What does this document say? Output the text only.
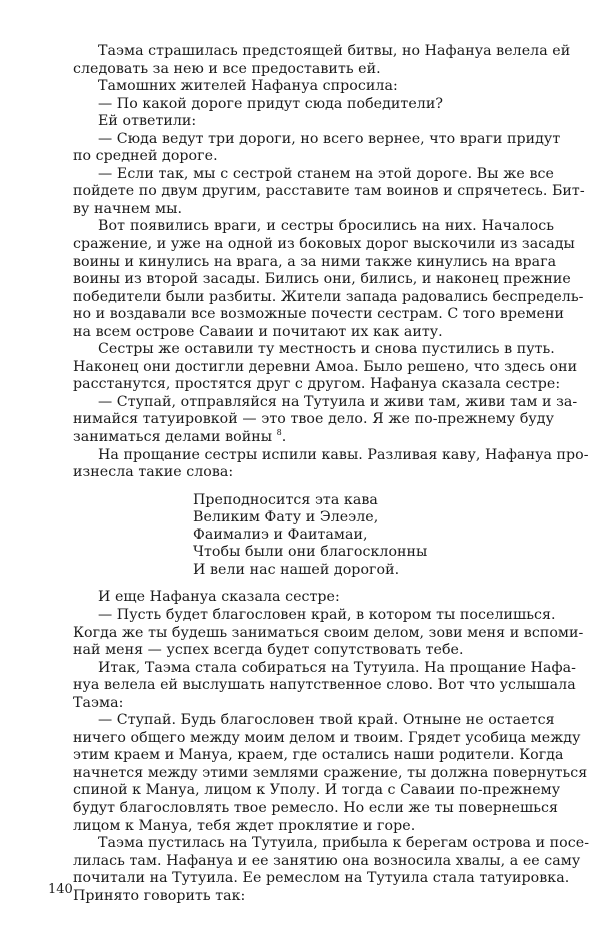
Таэма страшилась предстоящей битвы, но Нафануа велела ей
следовать за нею и все предоставить ей.
Тамошних жителей Нафануа спросила:
— По какой дороге придут сюда победители?
Ей ответили:
— Сюда ведут три дороги, но всего вернее, что враги придут
по средней дороге.
— Если так, мы с сестрой станем на этой дороге. Вы же все
пойдете по двум другим, расставите там воинов и спрячетесь. Бит-
ву начнем мы.
Вот появились враги, и сестры бросились на них. Началось
сражение, и уже на одной из боковых дорог выскочили из засады
воины и кинулись на врага, а за ними также кинулись на врага
воины из второй засады. Бились они, бились, и наконец прежние
победители были разбиты. Жители запада радовались беспредель-
но и воздавали все возможные почести сестрам. С того времени
на всем острове Саваии и почитают их как аиту.
Сестры же оставили ту местность и снова пустились в путь.
Наконец они достигли деревни Амоа. Было решено, что здесь они
расстанутся, простятся друг с другом. Нафануа сказала сестре:
— Ступай, отправляйся на Тутуила и живи там, живи там и за-
нимайся татуировкой — это твое дело. Я же по-прежнему буду
заниматься делами войны $^8$.
На прощание сестры испили кавы. Разливая каву, Нафануа про-
изнесла такие слова:
Преподносится эта кава
Великим Фату и Элеэле,
Фаималиэ и Фаитамаи,
Чтобы были они благосклонны
И вели нас нашей дорогой.
И еще Нафануа сказала сестре:
— Пусть будет благословен край, в котором ты поселишься.
Когда же ты будешь заниматься своим делом, зови меня и вспоми-
най меня — успех всегда будет сопутствовать тебе.
Итак, Таэма стала собираться на Тутуила. На прощание Нафа-
нуа велела ей выслушать напутственное слово. Вот что услышала
Таэма:
— Ступай. Будь благословен твой край. Отныне не остается
ничего общего между моим делом и твоим. Грядет усобица между
этим краем и Мануа, краем, где остались наши родители. Когда
начнется между этими землями сражение, ты должна повернуться
спиной к Мануа, лицом к Уполу. И тогда с Саваии по-прежнему
будут благословлять твое ремесло. Но если же ты повернешься
лицом к Мануа, тебя ждет проклятие и горе.
Таэма пустилась на Тутуила, прибыла к берегам острова и посе-
лилась там. Нафануа и ее занятию она возносила хвалы, а ее саму
почитали на Тутуила. Ее ремеслом на Тутуила стала татуировка.
Принято говорить так:
140
